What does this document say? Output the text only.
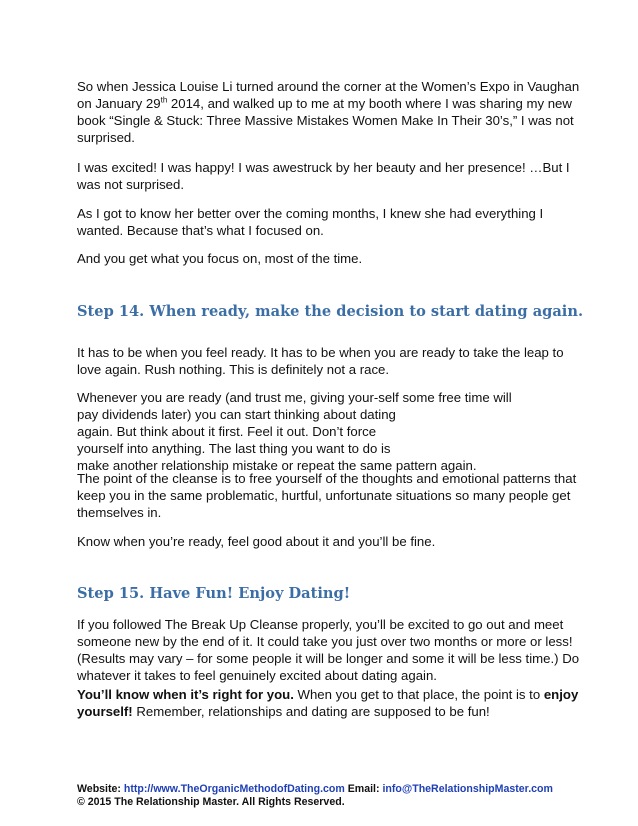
So when Jessica Louise Li turned around the corner at the Women’s Expo in Vaughan
on January 29th 2014, and walked up to me at my booth where I was sharing my new
book “Single & Stuck: Three Massive Mistakes Women Make In Their 30’s,” I was not
surprised.
I was excited! I was happy! I was awestruck by her beauty and her presence! …But I
was not surprised.
As I got to know her better over the coming months, I knew she had everything I
wanted. Because that’s what I focused on.
And you get what you focus on, most of the time.
Step 14. When ready, make the decision to start dating again.
It has to be when you feel ready. It has to be when you are ready to take the leap to
love again. Rush nothing. This is definitely not a race.
Whenever you are ready (and trust me, giving your-self some free time will
pay dividends later) you can start thinking about dating
again. But think about it first. Feel it out. Don’t force
yourself into anything. The last thing you want to do is
make another relationship mistake or repeat the same pattern again.
The point of the cleanse is to free yourself of the thoughts and emotional patterns that
keep you in the same problematic, hurtful, unfortunate situations so many people get
themselves in.
Know when you’re ready, feel good about it and you’ll be fine.
Step 15. Have Fun! Enjoy Dating!
If you followed The Break Up Cleanse properly, you’ll be excited to go out and meet
someone new by the end of it. It could take you just over two months or more or less!
(Results may vary – for some people it will be longer and some it will be less time.) Do
whatever it takes to feel genuinely excited about dating again.
You’ll know when it’s right for you. When you get to that place, the point is to enjoy
yourself! Remember, relationships and dating are supposed to be fun!
Website: http://www.TheOrganicMethodofDating.com Email: info@TheRelationshipMaster.com
© 2015 The Relationship Master. All Rights Reserved.
